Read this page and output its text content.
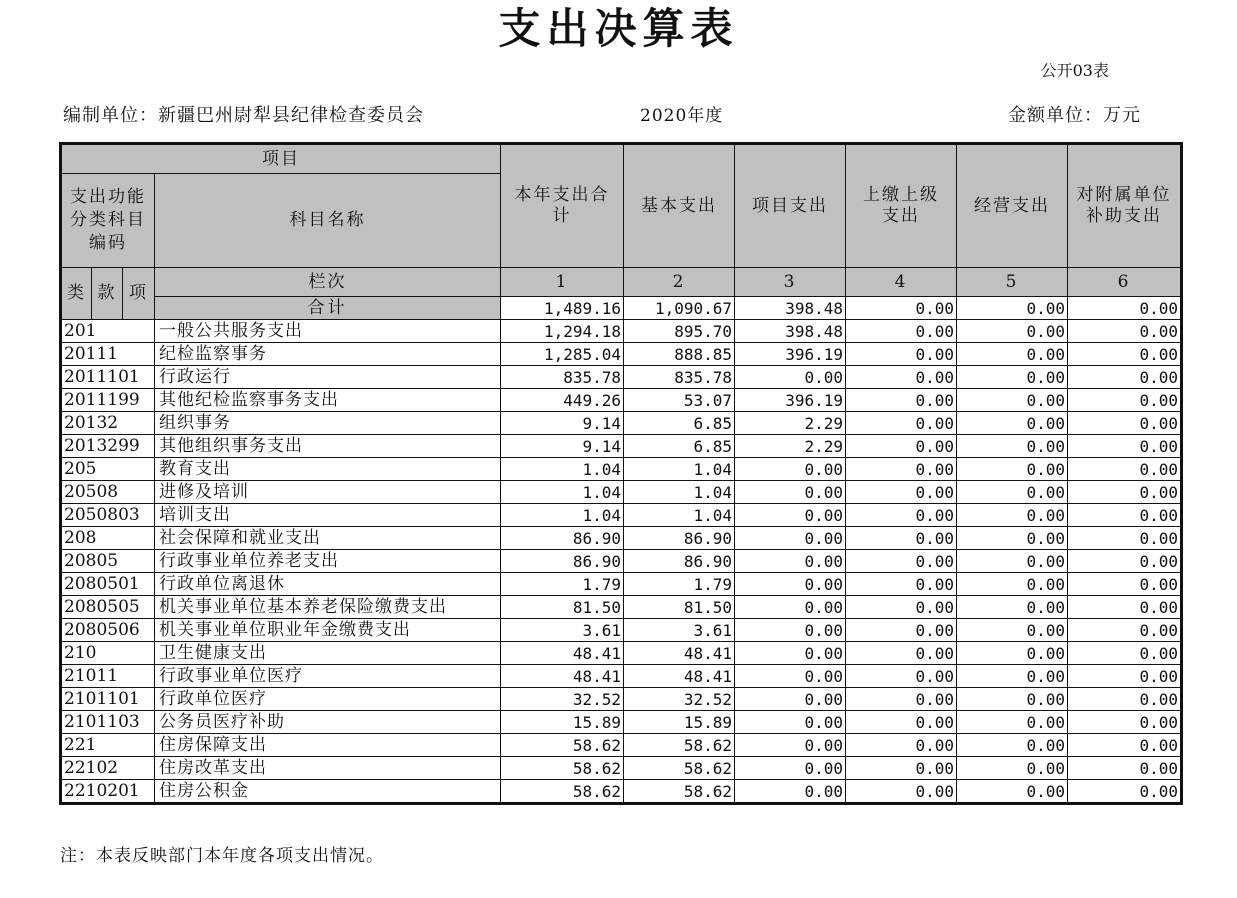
支出决算表
公开03表
编制单位：新疆巴州尉犁县纪律检查委员会	2020年度	金额单位：万元
项目				本年支出合计	基本支出	项目支出	上缴上级支出	经营支出	对附属单位补助支出
支出功能分类科目编码			科目名称						
类	款	项	栏次	1	2	3	4	5	6
			合计	1,489.16	1,090.67	398.48	0.00	0.00	0.00
201			一般公共服务支出	1,294.18	895.70	398.48	0.00	0.00	0.00
20111			纪检监察事务	1,285.04	888.85	396.19	0.00	0.00	0.00
2011101			行政运行	835.78	835.78	0.00	0.00	0.00	0.00
2011199			其他纪检监察事务支出	449.26	53.07	396.19	0.00	0.00	0.00
20132			组织事务	9.14	6.85	2.29	0.00	0.00	0.00
2013299			其他组织事务支出	9.14	6.85	2.29	0.00	0.00	0.00
205			教育支出	1.04	1.04	0.00	0.00	0.00	0.00
20508			进修及培训	1.04	1.04	0.00	0.00	0.00	0.00
2050803			培训支出	1.04	1.04	0.00	0.00	0.00	0.00
208			社会保障和就业支出	86.90	86.90	0.00	0.00	0.00	0.00
20805			行政事业单位养老支出	86.90	86.90	0.00	0.00	0.00	0.00
2080501			行政单位离退休	1.79	1.79	0.00	0.00	0.00	0.00
2080505			机关事业单位基本养老保险缴费支出	81.50	81.50	0.00	0.00	0.00	0.00
2080506			机关事业单位职业年金缴费支出	3.61	3.61	0.00	0.00	0.00	0.00
210			卫生健康支出	48.41	48.41	0.00	0.00	0.00	0.00
21011			行政事业单位医疗	48.41	48.41	0.00	0.00	0.00	0.00
2101101			行政单位医疗	32.52	32.52	0.00	0.00	0.00	0.00
2101103			公务员医疗补助	15.89	15.89	0.00	0.00	0.00	0.00
221			住房保障支出	58.62	58.62	0.00	0.00	0.00	0.00
22102			住房改革支出	58.62	58.62	0.00	0.00	0.00	0.00
2210201			住房公积金	58.62	58.62	0.00	0.00	0.00	0.00
注：本表反映部门本年度各项支出情况。
